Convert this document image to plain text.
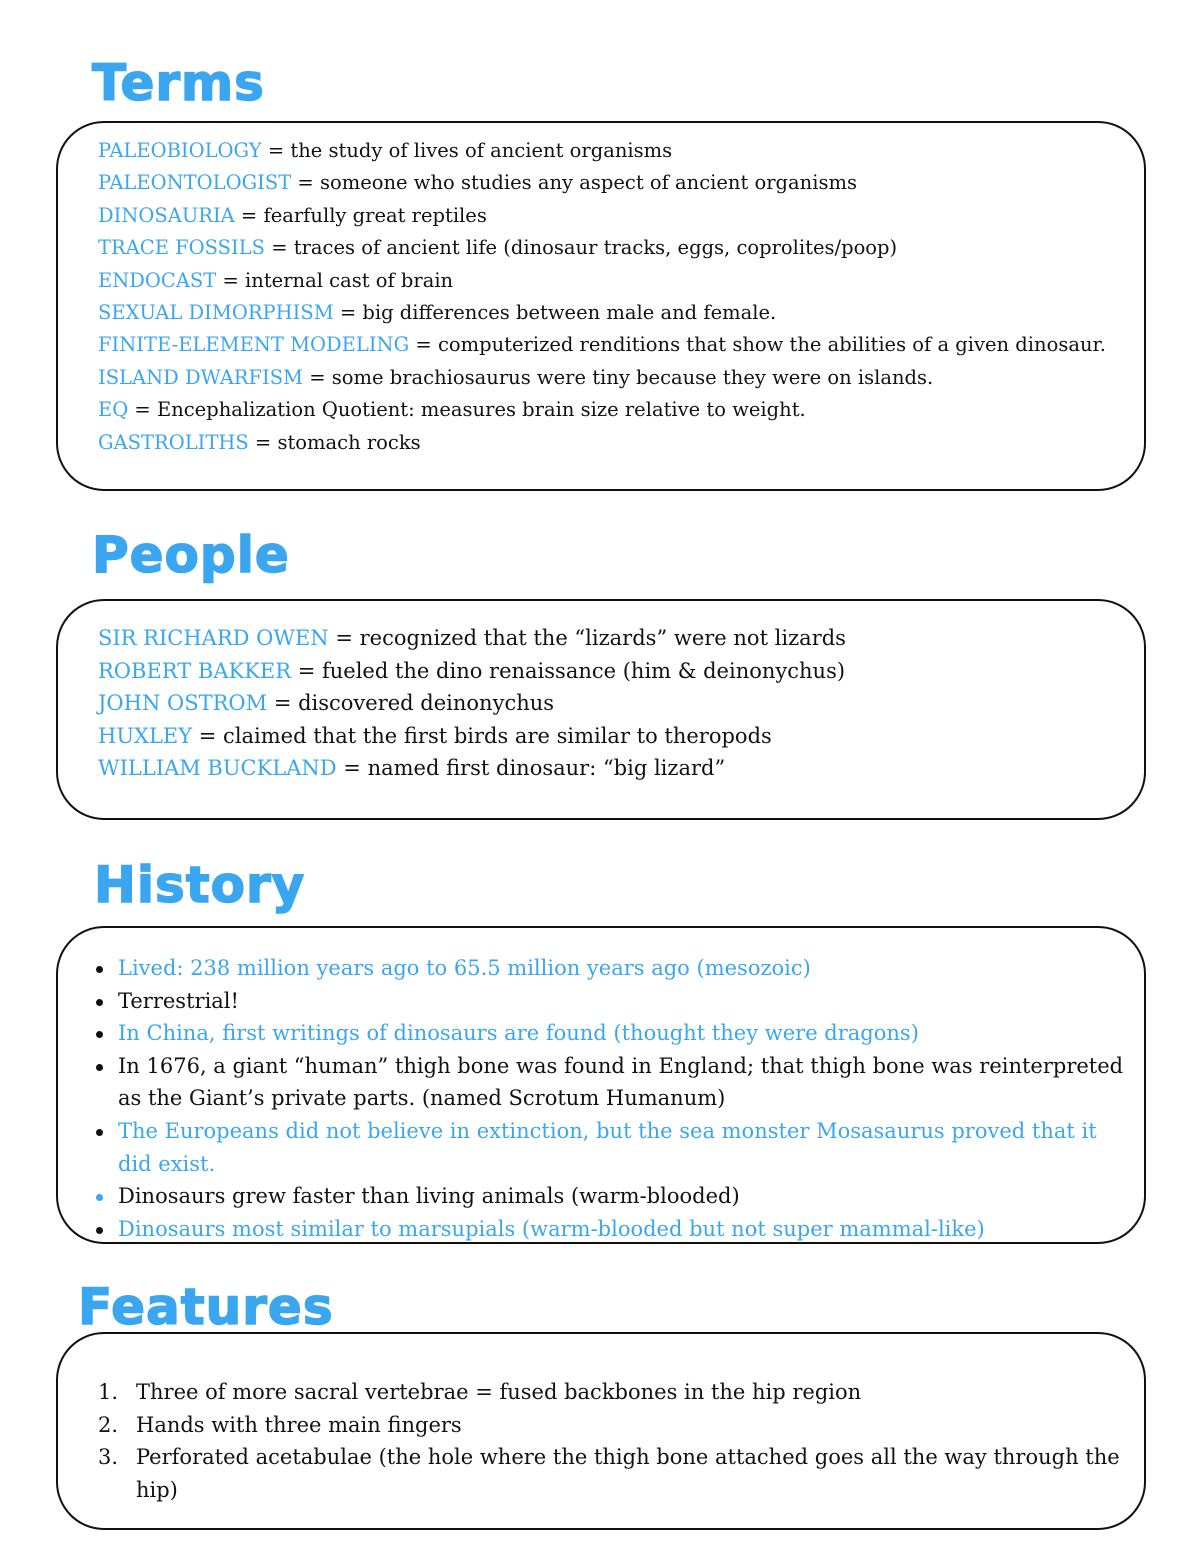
Terms
PALEOBIOLOGY = the study of lives of ancient organisms
PALEONTOLOGIST = someone who studies any aspect of ancient organisms
DINOSAURIA = fearfully great reptiles
TRACE FOSSILS = traces of ancient life (dinosaur tracks, eggs, coprolites/poop)
ENDOCAST = internal cast of brain
SEXUAL DIMORPHISM = big differences between male and female.
FINITE-ELEMENT MODELING = computerized renditions that show the abilities of a given dinosaur.
ISLAND DWARFISM = some brachiosaurus were tiny because they were on islands.
EQ = Encephalization Quotient: measures brain size relative to weight.
GASTROLITHS = stomach rocks
People
SIR RICHARD OWEN = recognized that the “lizards” were not lizards
ROBERT BAKKER = fueled the dino renaissance (him & deinonychus)
JOHN OSTROM = discovered deinonychus
HUXLEY = claimed that the first birds are similar to theropods
WILLIAM BUCKLAND = named first dinosaur: “big lizard”
History
Lived: 238 million years ago to 65.5 million years ago (mesozoic)
Terrestrial!
In China, first writings of dinosaurs are found (thought they were dragons)
In 1676, a giant “human” thigh bone was found in England; that thigh bone was reinterpreted as the Giant’s private parts. (named Scrotum Humanum)
The Europeans did not believe in extinction, but the sea monster Mosasaurus proved that it did exist.
Dinosaurs grew faster than living animals (warm-blooded)
Dinosaurs most similar to marsupials (warm-blooded but not super mammal-like)
Features
1. Three of more sacral vertebrae = fused backbones in the hip region
2. Hands with three main fingers
3. Perforated acetabulae (the hole where the thigh bone attached goes all the way through the hip)
